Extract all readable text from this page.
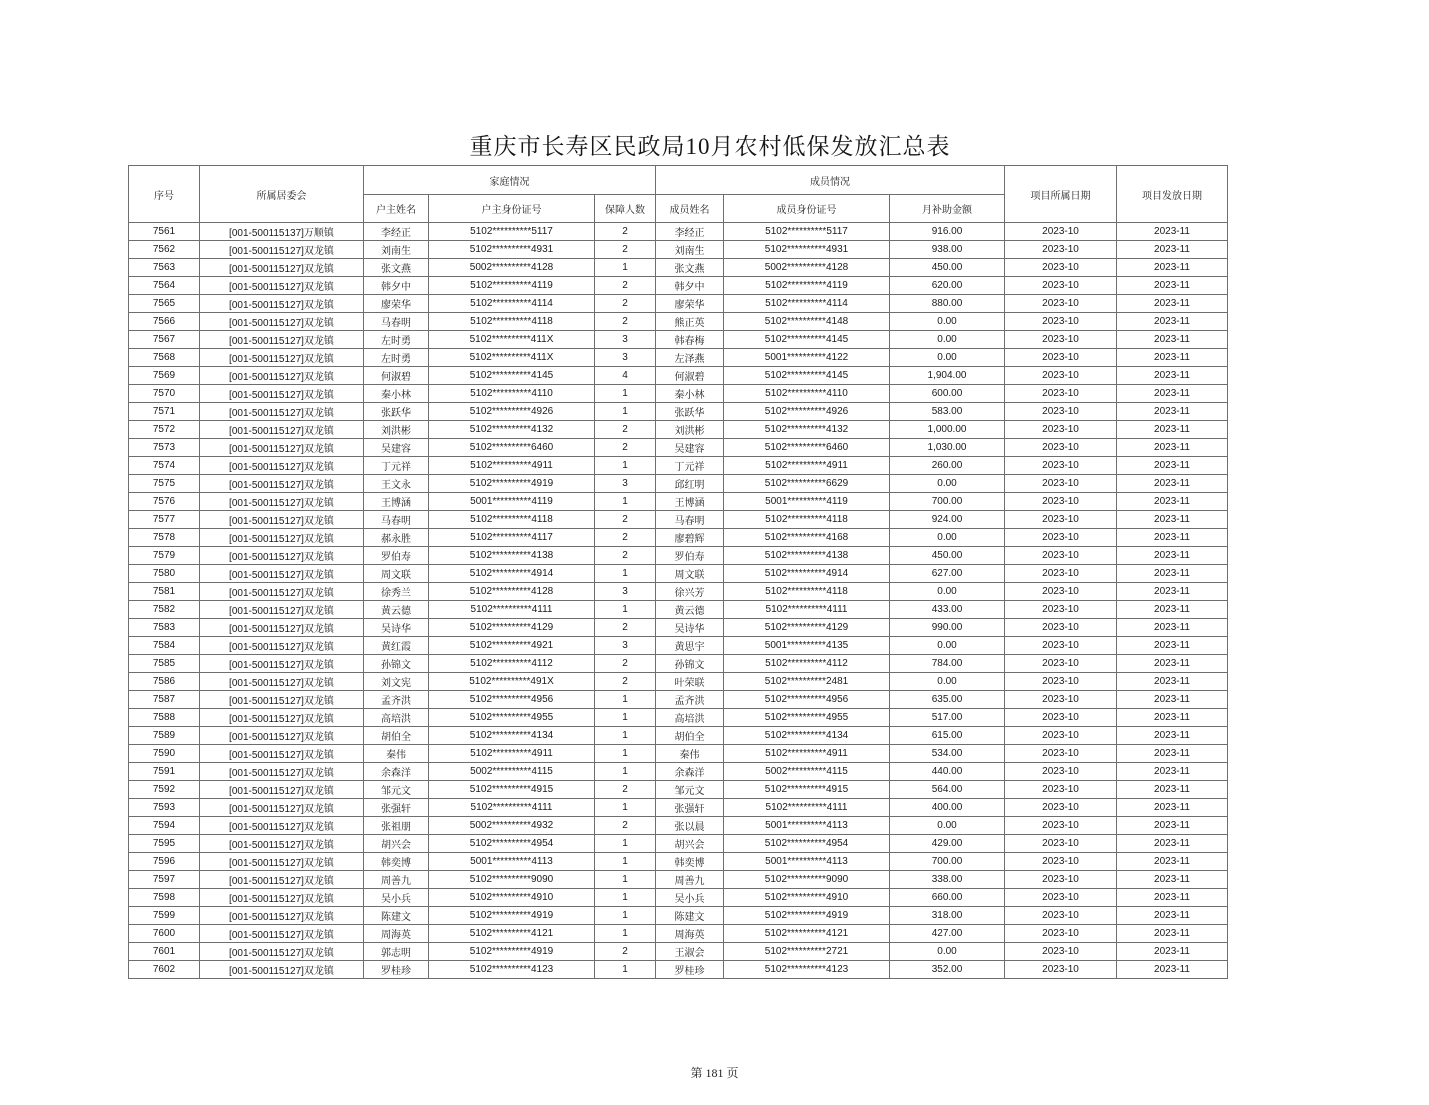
重庆市长寿区民政局10月农村低保发放汇总表
序号	所属居委会	家庭情况			成员情况			项目所属日期	项目发放日期
		户主姓名	户主身份证号	保障人数	成员姓名	成员身份证号	月补助金额		
7561	[001-500115137]万顺镇	李经正	5102**********5117	2	李经正	5102**********5117	916.00	2023-10	2023-11
7562	[001-500115127]双龙镇	刘南生	5102**********4931	2	刘南生	5102**********4931	938.00	2023-10	2023-11
7563	[001-500115127]双龙镇	张文燕	5002**********4128	1	张文燕	5002**********4128	450.00	2023-10	2023-11
7564	[001-500115127]双龙镇	韩夕中	5102**********4119	2	韩夕中	5102**********4119	620.00	2023-10	2023-11
7565	[001-500115127]双龙镇	廖荣华	5102**********4114	2	廖荣华	5102**********4114	880.00	2023-10	2023-11
7566	[001-500115127]双龙镇	马春明	5102**********4118	2	熊正英	5102**********4148	0.00	2023-10	2023-11
7567	[001-500115127]双龙镇	左时勇	5102**********411X	3	韩春梅	5102**********4145	0.00	2023-10	2023-11
7568	[001-500115127]双龙镇	左时勇	5102**********411X	3	左泽燕	5001**********4122	0.00	2023-10	2023-11
7569	[001-500115127]双龙镇	何淑碧	5102**********4145	4	何淑碧	5102**********4145	1,904.00	2023-10	2023-11
7570	[001-500115127]双龙镇	秦小林	5102**********4110	1	秦小林	5102**********4110	600.00	2023-10	2023-11
7571	[001-500115127]双龙镇	张跃华	5102**********4926	1	张跃华	5102**********4926	583.00	2023-10	2023-11
7572	[001-500115127]双龙镇	刘洪彬	5102**********4132	2	刘洪彬	5102**********4132	1,000.00	2023-10	2023-11
7573	[001-500115127]双龙镇	吴建容	5102**********6460	2	吴建容	5102**********6460	1,030.00	2023-10	2023-11
7574	[001-500115127]双龙镇	丁元祥	5102**********4911	1	丁元祥	5102**********4911	260.00	2023-10	2023-11
7575	[001-500115127]双龙镇	王文永	5102**********4919	3	邱红明	5102**********6629	0.00	2023-10	2023-11
7576	[001-500115127]双龙镇	王博涵	5001**********4119	1	王博涵	5001**********4119	700.00	2023-10	2023-11
7577	[001-500115127]双龙镇	马春明	5102**********4118	2	马春明	5102**********4118	924.00	2023-10	2023-11
7578	[001-500115127]双龙镇	郝永胜	5102**********4117	2	廖碧辉	5102**********4168	0.00	2023-10	2023-11
7579	[001-500115127]双龙镇	罗伯寿	5102**********4138	2	罗伯寿	5102**********4138	450.00	2023-10	2023-11
7580	[001-500115127]双龙镇	周文联	5102**********4914	1	周文联	5102**********4914	627.00	2023-10	2023-11
7581	[001-500115127]双龙镇	徐秀兰	5102**********4128	3	徐兴芳	5102**********4118	0.00	2023-10	2023-11
7582	[001-500115127]双龙镇	黄云德	5102**********4111	1	黄云德	5102**********4111	433.00	2023-10	2023-11
7583	[001-500115127]双龙镇	吴诗华	5102**********4129	2	吴诗华	5102**********4129	990.00	2023-10	2023-11
7584	[001-500115127]双龙镇	黄红霞	5102**********4921	3	黄思宇	5001**********4135	0.00	2023-10	2023-11
7585	[001-500115127]双龙镇	孙锦文	5102**********4112	2	孙锦文	5102**********4112	784.00	2023-10	2023-11
7586	[001-500115127]双龙镇	刘文宪	5102**********491X	2	叶荣联	5102**********2481	0.00	2023-10	2023-11
7587	[001-500115127]双龙镇	孟齐洪	5102**********4956	1	孟齐洪	5102**********4956	635.00	2023-10	2023-11
7588	[001-500115127]双龙镇	高培洪	5102**********4955	1	高培洪	5102**********4955	517.00	2023-10	2023-11
7589	[001-500115127]双龙镇	胡伯全	5102**********4134	1	胡伯全	5102**********4134	615.00	2023-10	2023-11
7590	[001-500115127]双龙镇	秦伟	5102**********4911	1	秦伟	5102**********4911	534.00	2023-10	2023-11
7591	[001-500115127]双龙镇	余森洋	5002**********4115	1	余森洋	5002**********4115	440.00	2023-10	2023-11
7592	[001-500115127]双龙镇	邹元文	5102**********4915	2	邹元文	5102**********4915	564.00	2023-10	2023-11
7593	[001-500115127]双龙镇	张强轩	5102**********4111	1	张强轩	5102**********4111	400.00	2023-10	2023-11
7594	[001-500115127]双龙镇	张祖朋	5002**********4932	2	张以晨	5001**********4113	0.00	2023-10	2023-11
7595	[001-500115127]双龙镇	胡兴会	5102**********4954	1	胡兴会	5102**********4954	429.00	2023-10	2023-11
7596	[001-500115127]双龙镇	韩奕博	5001**********4113	1	韩奕博	5001**********4113	700.00	2023-10	2023-11
7597	[001-500115127]双龙镇	周善九	5102**********9090	1	周善九	5102**********9090	338.00	2023-10	2023-11
7598	[001-500115127]双龙镇	吴小兵	5102**********4910	1	吴小兵	5102**********4910	660.00	2023-10	2023-11
7599	[001-500115127]双龙镇	陈建文	5102**********4919	1	陈建文	5102**********4919	318.00	2023-10	2023-11
7600	[001-500115127]双龙镇	周海英	5102**********4121	1	周海英	5102**********4121	427.00	2023-10	2023-11
7601	[001-500115127]双龙镇	郭志明	5102**********4919	2	王淑会	5102**********2721	0.00	2023-10	2023-11
7602	[001-500115127]双龙镇	罗桂珍	5102**********4123	1	罗桂珍	5102**********4123	352.00	2023-10	2023-11
第 181 页
